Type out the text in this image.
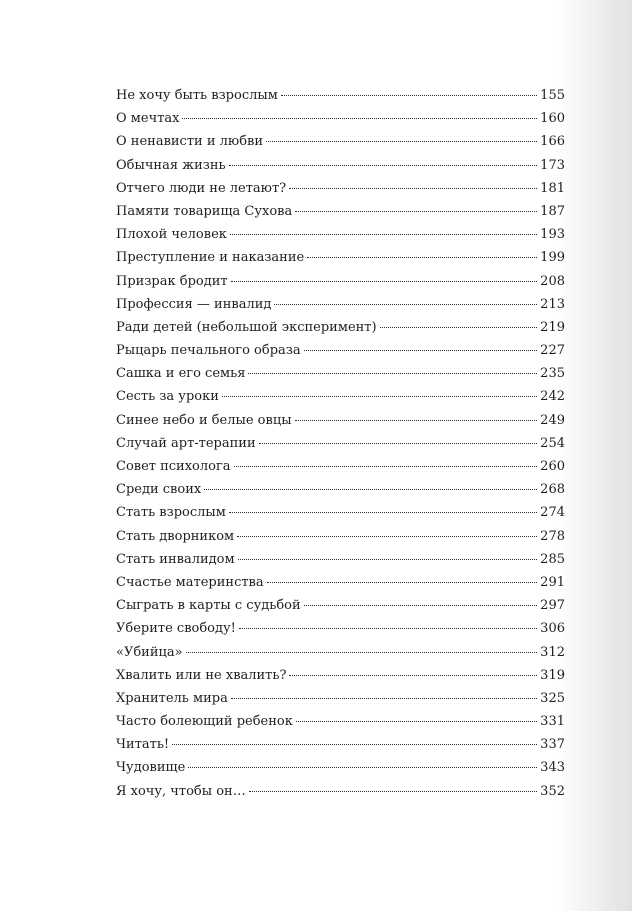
Не хочу быть взрослым	155
О мечтах	160
О ненависти и любви	166
Обычная жизнь	173
Отчего люди не летают?	181
Памяти товарища Сухова	187
Плохой человек	193
Преступление и наказание	199
Призрак бродит	208
Профессия — инвалид	213
Ради детей (небольшой эксперимент)	219
Рыцарь печального образа	227
Сашка и его семья	235
Сесть за уроки	242
Синее небо и белые овцы	249
Случай арт-терапии	254
Совет психолога	260
Среди своих	268
Стать взрослым	274
Стать дворником	278
Стать инвалидом	285
Счастье материнства	291
Сыграть в карты с судьбой	297
Уберите свободу!	306
«Убийца»	312
Хвалить или не хвалить?	319
Хранитель мира	325
Часто болеющий ребенок	331
Читать!	337
Чудовище	343
Я хочу, чтобы он…	352
